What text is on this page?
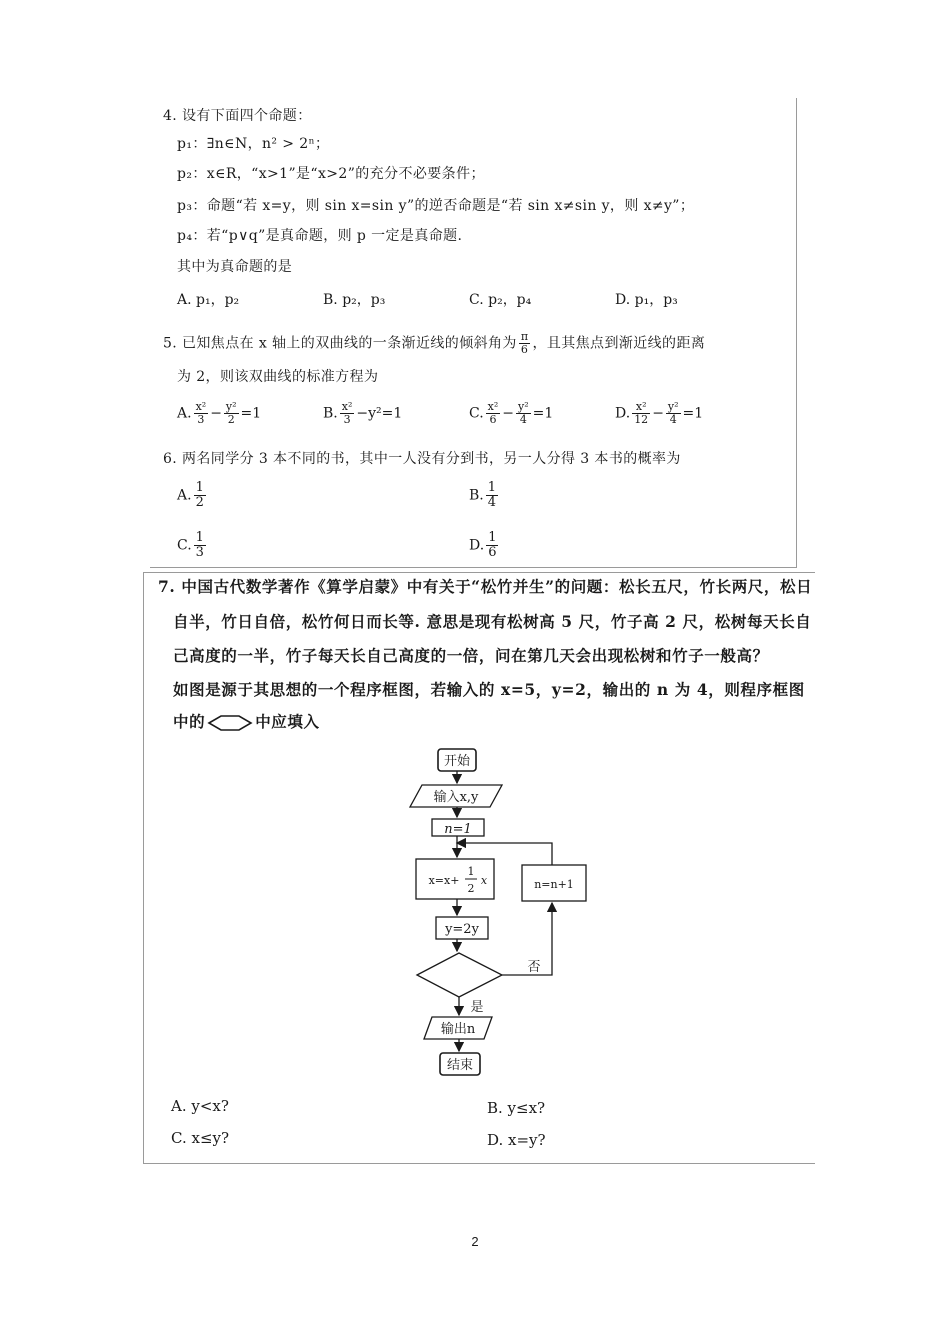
4. 设有下面四个命题：
p₁：∃n∈N，n² > 2ⁿ；
p₂：x∈R，“x>1”是“x>2”的充分不必要条件；
p₃：命题“若 x=y，则 sin x=sin y”的逆否命题是“若 sin x≠sin y，则 x≠y”；
p₄：若“p∨q”是真命题，则 p 一定是真命题.
其中为真命题的是
A. p₁，p₂	B. p₂，p₃	C. p₂，p₄	D. p₁，p₃
5. 已知焦点在 x 轴上的双曲线的一条渐近线的倾斜角为 $\frac{\pi}{6}$ ，且其焦点到渐近线的距离
为 2，则该双曲线的标准方程为
A. $\frac{\text{x²}}{3} - \frac{\text{y²}}{2} =1$	B. $\frac{\text{x²}}{3} -y^2=1$	C. $\frac{\text{x²}}{6} - \frac{\text{y²}}{4} =1$	D. $\frac{\text{x²}}{12} - \frac{\text{y²}}{4} =1$
6. 两名同学分 3 本不同的书，其中一人没有分到书，另一人分得 3 本书的概率为
A. $\frac{1}{2}$	B. $\frac{1}{4}$
C. $\frac{1}{3}$	D. $\frac{1}{6}$
7. 中国古代数学著作《算学启蒙》中有关于“松竹并生”的问题：松长五尺，竹长两尺，松日
自半，竹日自倍，松竹何日而长等. 意思是现有松树高 5 尺，竹子高 2 尺，松树每天长自
己高度的一半，竹子每天长自己高度的一倍，问在第几天会出现松树和竹子一般高？
如图是源于其思想的一个程序框图，若输入的 x=5，y=2，输出的 n 为 4，则程序框图
中的	中应填入
开始
输入x,y
n=1
x=x+
1
2
x
y=2y
n=n+1
否
是
输出n
结束
A. y<x?	B. y≤x?
C. x≤y?	D. x=y?
2
